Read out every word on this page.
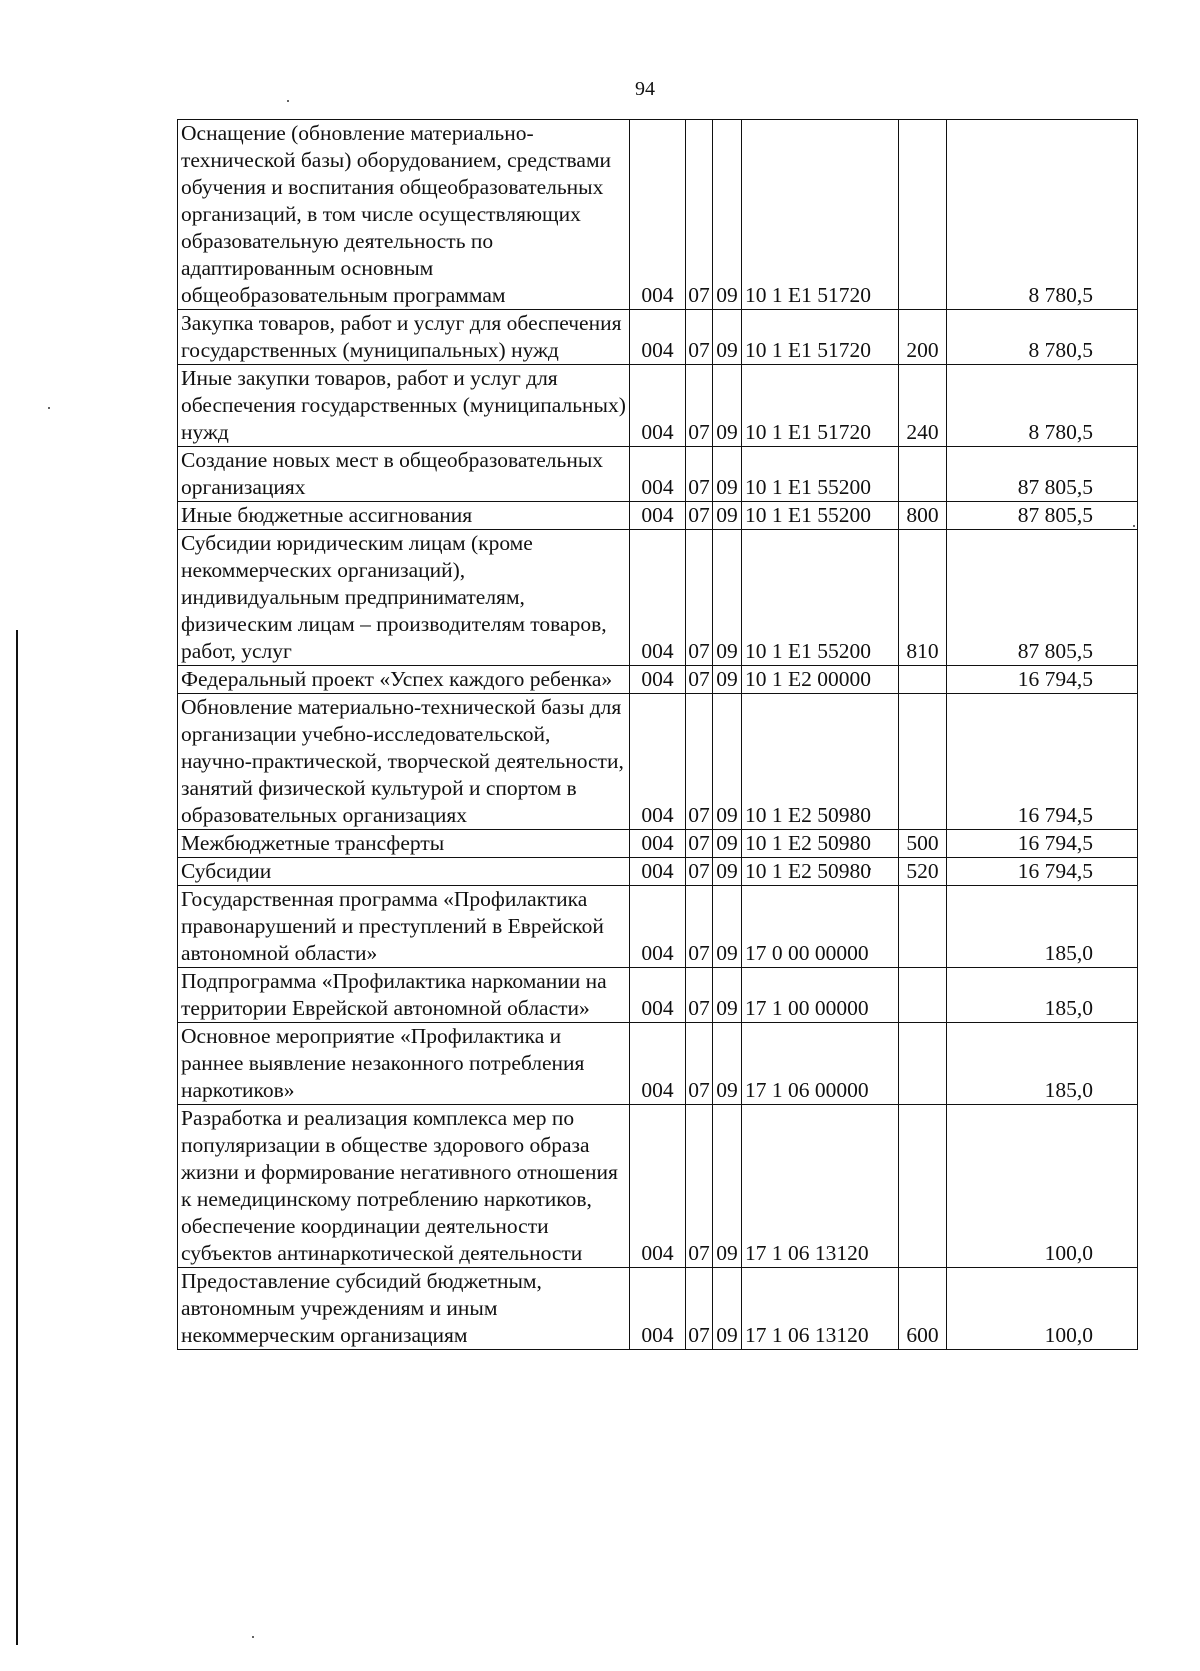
94
Оснащение (обновление материально-технической базы) оборудованием, средствами обучения и воспитания общеобразовательных организаций, в том числе осуществляющих образовательную деятельность по адаптированным основным общеобразовательным программам	004	07	09	10 1 Е1 51720		8 780,5
Закупка товаров, работ и услуг для обеспечения государственных (муниципальных) нужд	004	07	09	10 1 Е1 51720	200	8 780,5
Иные закупки товаров, работ и услуг для обеспечения государственных (муниципальных) нужд	004	07	09	10 1 Е1 51720	240	8 780,5
Создание новых мест в общеобразовательных организациях	004	07	09	10 1 Е1 55200		87 805,5
Иные бюджетные ассигнования	004	07	09	10 1 Е1 55200	800	87 805,5
Субсидии юридическим лицам (кроме некоммерческих организаций), индивидуальным предпринимателям, физическим лицам – производителям товаров, работ, услуг	004	07	09	10 1 Е1 55200	810	87 805,5
Федеральный проект «Успех каждого ребенка»	004	07	09	10 1 Е2 00000		16 794,5
Обновление материально-технической базы для организации учебно-исследовательской, научно-практической, творческой деятельности, занятий физической культурой и спортом в образовательных организациях	004	07	09	10 1 Е2 50980		16 794,5
Межбюджетные трансферты	004	07	09	10 1 Е2 50980	500	16 794,5
Субсидии	004	07	09	10 1 Е2 50980	520	16 794,5
Государственная программа «Профилактика правонарушений и преступлений в Еврейской автономной области»	004	07	09	17 0 00 00000		185,0
Подпрограмма «Профилактика наркомании на территории Еврейской автономной области»	004	07	09	17 1 00 00000		185,0
Основное мероприятие «Профилактика и раннее выявление незаконного потребления наркотиков»	004	07	09	17 1 06 00000		185,0
Разработка и реализация комплекса мер по популяризации в обществе здорового образа жизни и формирование негативного отношения к немедицинскому потреблению наркотиков, обеспечение координации деятельности субъектов антинаркотической деятельности	004	07	09	17 1 06 13120		100,0
Предоставление субсидий бюджетным, автономным учреждениям и иным некоммерческим организациям	004	07	09	17 1 06 13120	600	100,0
